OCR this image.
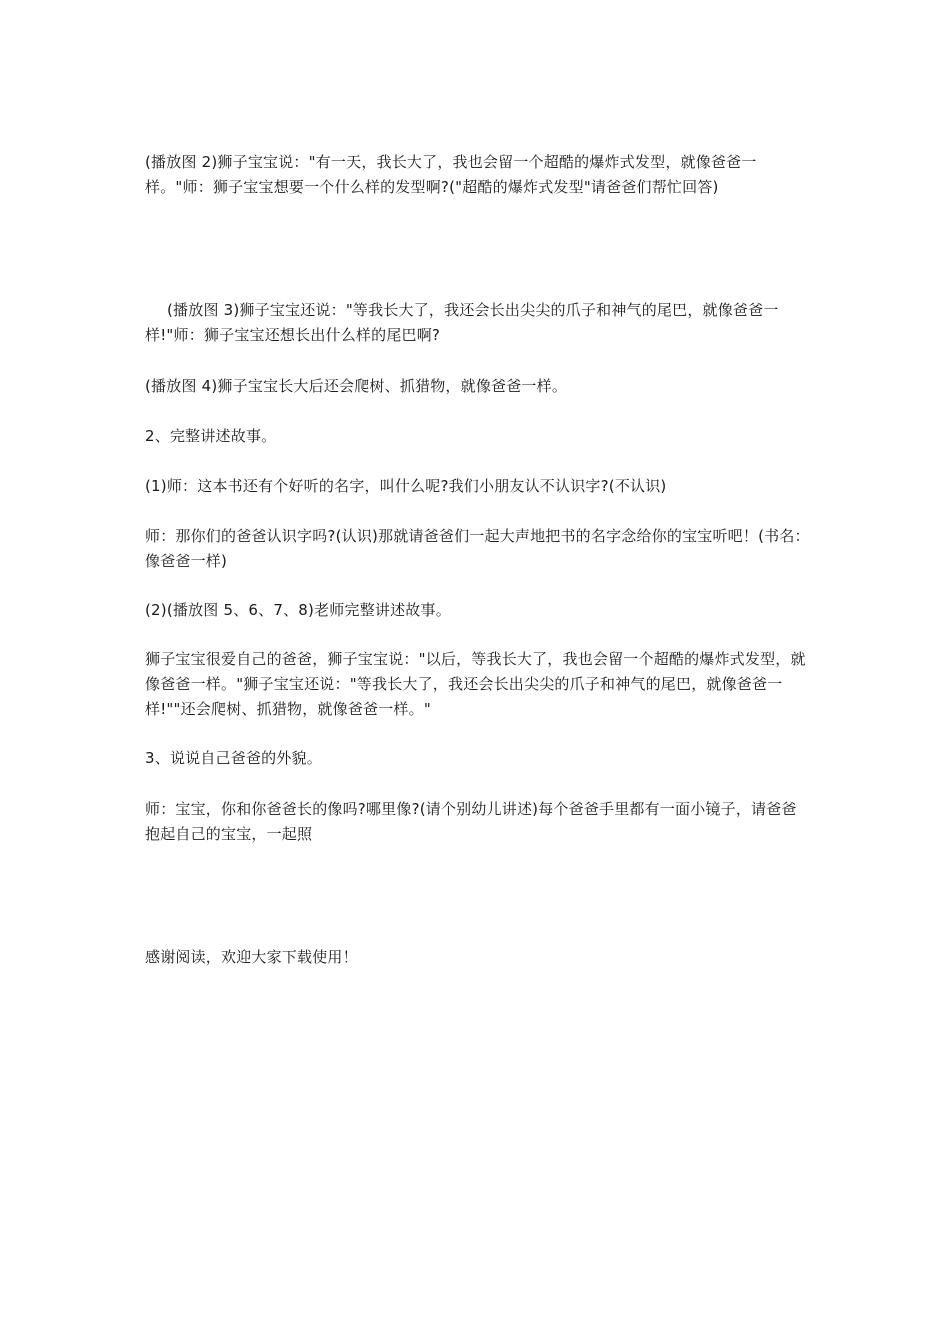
(播放图 2)狮子宝宝说："有一天，我长大了，我也会留一个超酷的爆炸式发型，就像爸爸一样。"师：狮子宝宝想要一个什么样的发型啊?("超酷的爆炸式发型"请爸爸们帮忙回答)

(播放图 3)狮子宝宝还说："等我长大了，我还会长出尖尖的爪子和神气的尾巴，就像爸爸一样!"师：狮子宝宝还想长出什么样的尾巴啊?

(播放图 4)狮子宝宝长大后还会爬树、抓猎物，就像爸爸一样。

2、完整讲述故事。

(1)师：这本书还有个好听的名字，叫什么呢?我们小朋友认不认识字?(不认识)

师：那你们的爸爸认识字吗?(认识)那就请爸爸们一起大声地把书的名字念给你的宝宝听吧！(书名：像爸爸一样)

(2)(播放图 5、6、7、8)老师完整讲述故事。

狮子宝宝很爱自己的爸爸，狮子宝宝说："以后，等我长大了，我也会留一个超酷的爆炸式发型，就像爸爸一样。"狮子宝宝还说："等我长大了，我还会长出尖尖的爪子和神气的尾巴，就像爸爸一样!""还会爬树、抓猎物，就像爸爸一样。"

3、说说自己爸爸的外貌。

师：宝宝，你和你爸爸长的像吗?哪里像?(请个别幼儿讲述)每个爸爸手里都有一面小镜子，请爸爸抱起自己的宝宝，一起照

感谢阅读，欢迎大家下载使用！
